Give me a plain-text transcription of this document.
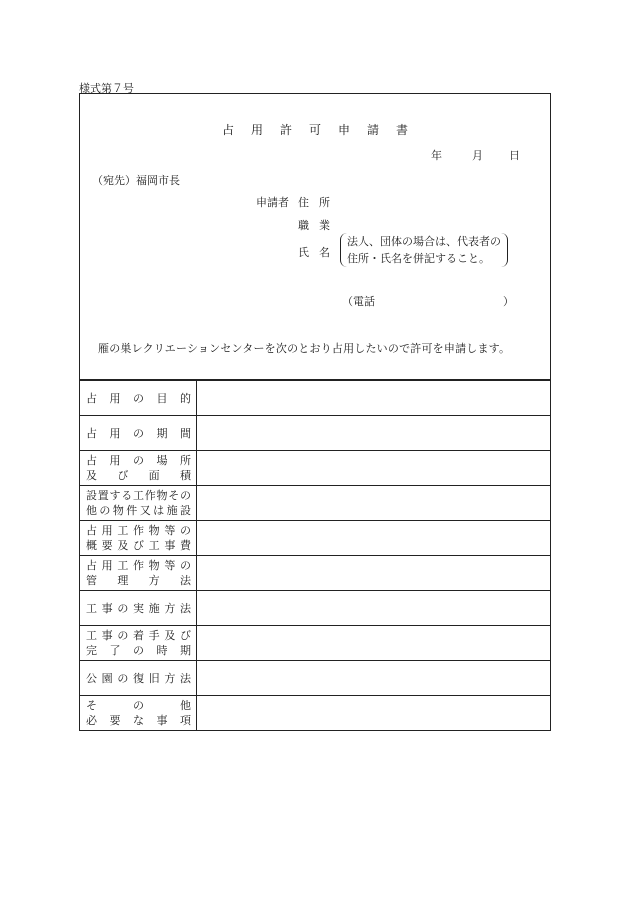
様式第７号
占用許可申請書
年	月 日
（宛先）福岡市長
申請者 住所
職業
氏名
法人、団体の場合は、代表者の
住所・氏名を併記すること。
（電話	）
雁の巣レクリエーションセンターを次のとおり占用したいので許可を申請します。
占用の目的	

占用の期間	

占用の場所
及び面積	

設置する工作物その
他の物件又は施設	

占用工作物等の
概要及び工事費	

占用工作物等の
管理方法	

工事の実施方法	

工事の着手及び
完了の時期	

公園の復旧方法	

その他
必要な事項	
